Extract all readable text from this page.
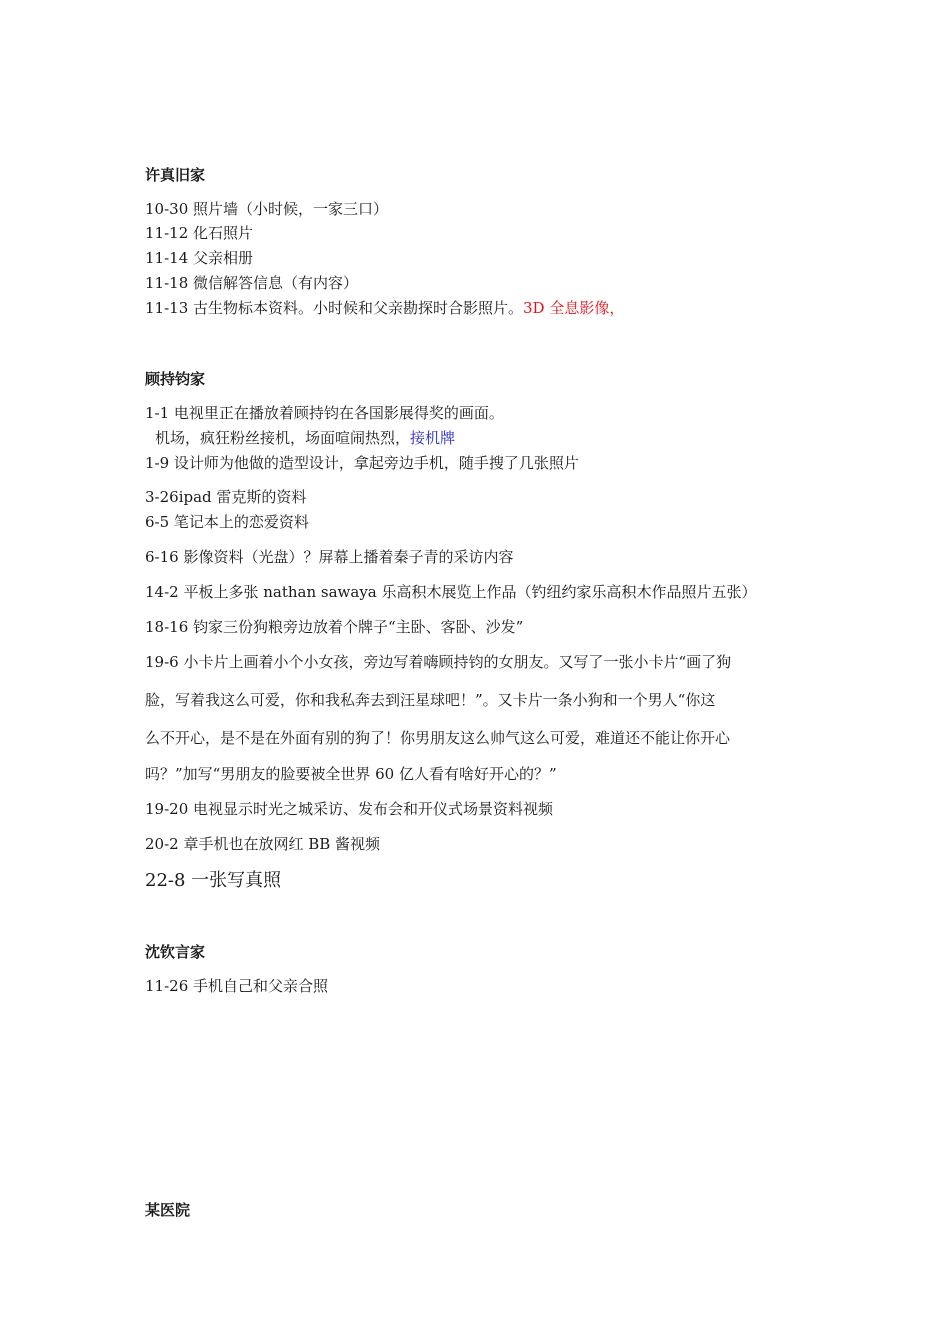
许真旧家
10-30 照片墙（小时候，一家三口）
11-12 化石照片
11-14 父亲相册
11-18 微信解答信息（有内容）
11-13 古生物标本资料。小时候和父亲勘探时合影照片。3D 全息影像，
顾持钧家
1-1 电视里正在播放着顾持钧在各国影展得奖的画面。
机场，疯狂粉丝接机，场面喧闹热烈，接机牌
1-9 设计师为他做的造型设计，拿起旁边手机，随手搜了几张照片
3-26ipad 雷克斯的资料
6-5 笔记本上的恋爱资料
6-16 影像资料（光盘）？屏幕上播着秦子青的采访内容
14-2 平板上多张 nathan sawaya 乐高积木展览上作品（钓纽约家乐高积木作品照片五张）
18-16 钧家三份狗粮旁边放着个牌子“主卧、客卧、沙发”
19-6 小卡片上画着小个小女孩，旁边写着嗨顾持钧的女朋友。又写了一张小卡片“画了狗
脸，写着我这么可爱，你和我私奔去到汪星球吧！”。又卡片一条小狗和一个男人“你这
么不开心，是不是在外面有别的狗了！你男朋友这么帅气这么可爱，难道还不能让你开心
吗？”加写“男朋友的脸要被全世界 60 亿人看有啥好开心的？”
19-20 电视显示时光之城采访、发布会和开仪式场景资料视频
20-2 章手机也在放网红 BB 酱视频
22-8 一张写真照
沈钦言家
11-26 手机自己和父亲合照
某医院
